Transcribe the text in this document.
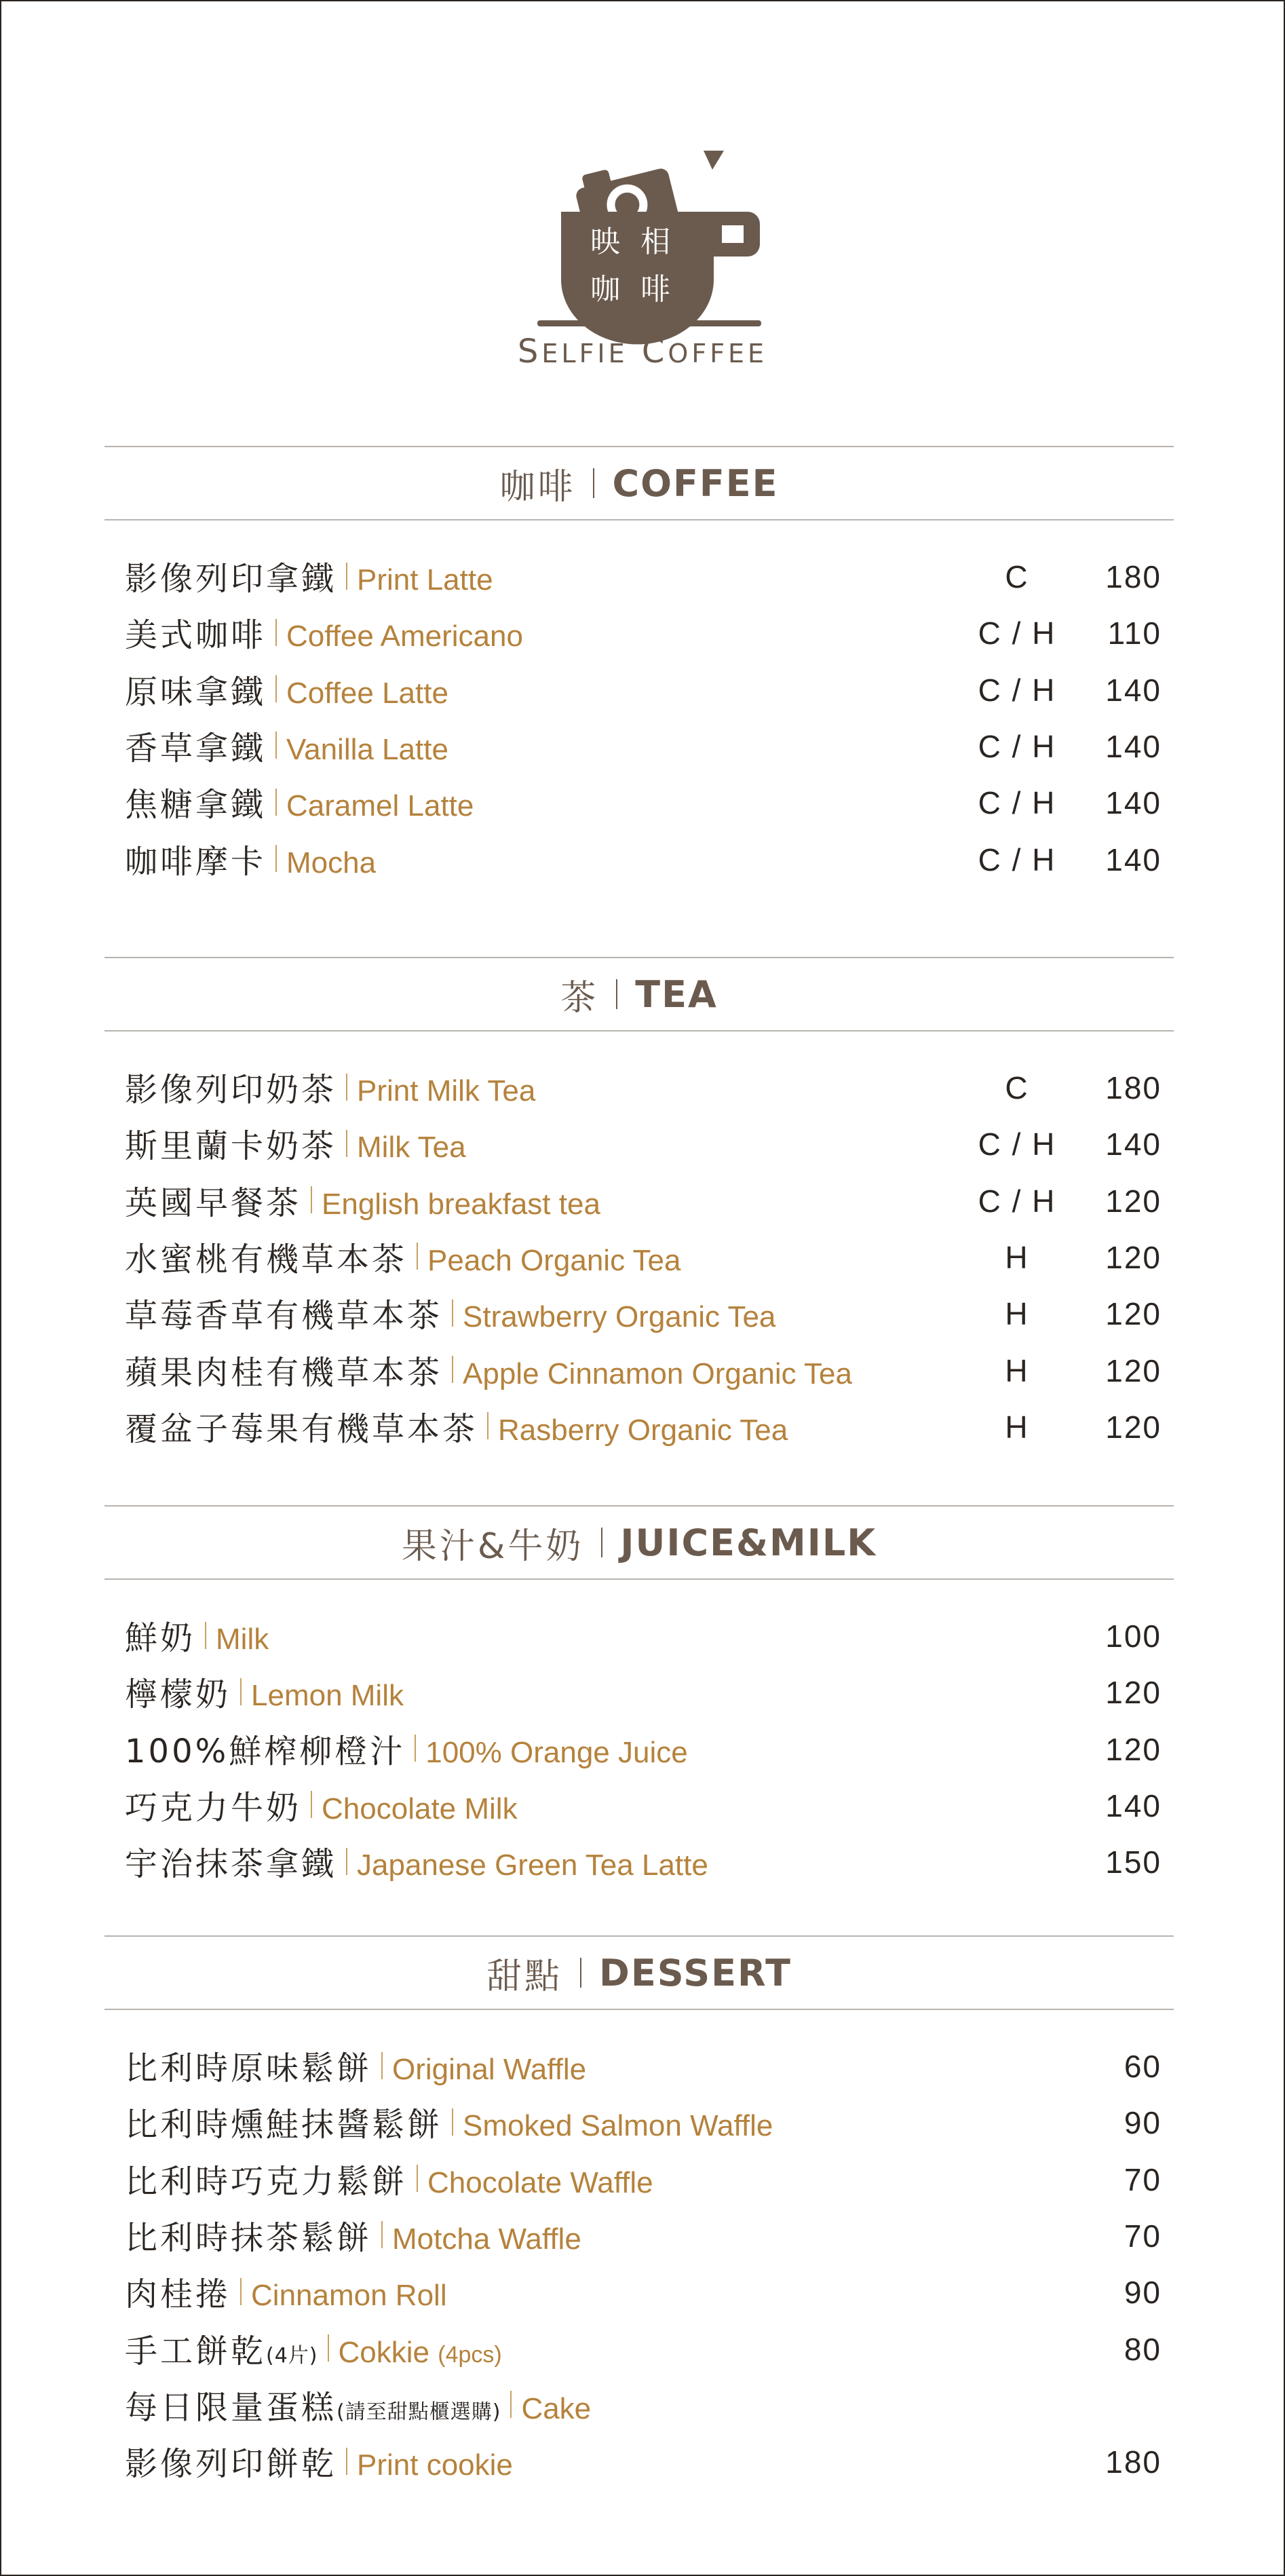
映 相
咖 啡
SELFIE COFFEE
咖啡 COFFEE
影像列印拿鐵 Print Latte	C	180
美式咖啡 Coffee Americano	C / H	110
原味拿鐵 Coffee Latte	C / H	140
香草拿鐵 Vanilla Latte	C / H	140
焦糖拿鐵 Caramel Latte	C / H	140
咖啡摩卡 Mocha	C / H	140
茶 TEA
影像列印奶茶 Print Milk Tea	C	180
斯里蘭卡奶茶 Milk Tea	C / H	140
英國早餐茶 English breakfast tea	C / H	120
水蜜桃有機草本茶 Peach Organic Tea	H	120
草莓香草有機草本茶 Strawberry Organic Tea	H	120
蘋果肉桂有機草本茶 Apple Cinnamon Organic Tea	H	120
覆盆子莓果有機草本茶 Rasberry Organic Tea	H	120
果汁&牛奶 JUICE&MILK
鮮奶 Milk	100
檸檬奶 Lemon Milk	120
100%鮮榨柳橙汁 100% Orange Juice	120
巧克力牛奶 Chocolate Milk	140
宇治抹茶拿鐵 Japanese Green Tea Latte	150
甜點 DESSERT
比利時原味鬆餅 Original Waffle	60
比利時燻鮭抹醬鬆餅 Smoked Salmon Waffle	90
比利時巧克力鬆餅 Chocolate Waffle	70
比利時抹茶鬆餅 Motcha Waffle	70
肉桂捲 Cinnamon Roll	90
手工餅乾 (4片) Cokkie (4pcs)	80
每日限量蛋糕 (請至甜點櫃選購) Cake
影像列印餅乾 Print cookie	180
